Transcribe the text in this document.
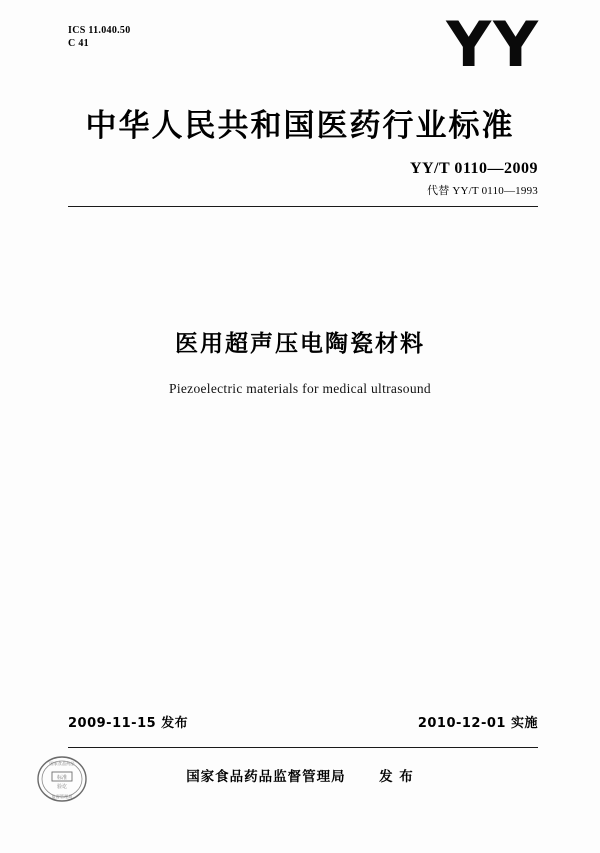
ICS 11.040.50
C 41	YY
中华人民共和国医药行业标准
YY/T 0110—2009
代替 YY/T 0110—1993
医用超声压电陶瓷材料
Piezoelectric materials for medical ultrasound
2009-11-15 发布	2010-12-01 实施
国家食品药品监督管理局 发 布
国家食品药品
监督管理局
标准
验讫
